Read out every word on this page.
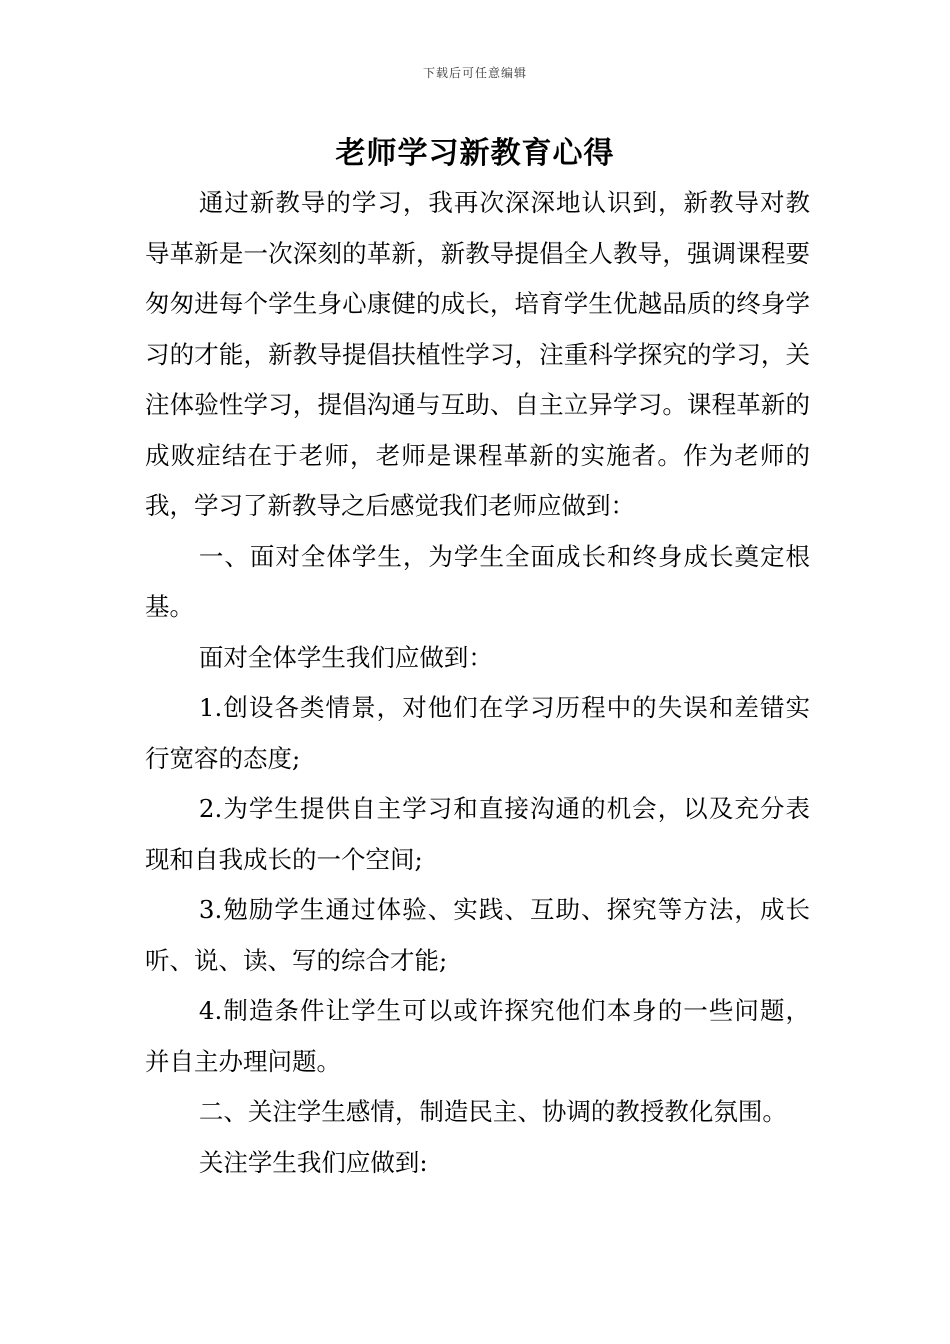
下载后可任意编辑
老师学习新教育心得

通过新教导的学习，我再次深深地认识到，新教导对教导革新是一次深刻的革新，新教导提倡全人教导，强调课程要匆匆进每个学生身心康健的成长，培育学生优越品质的终身学习的才能，新教导提倡扶植性学习，注重科学探究的学习，关注体验性学习，提倡沟通与互助、自主立异学习。课程革新的成败症结在于老师，老师是课程革新的实施者。作为老师的我，学习了新教导之后感觉我们老师应做到：

一、面对全体学生，为学生全面成长和终身成长奠定根基。

面对全体学生我们应做到：

1.创设各类情景，对他们在学习历程中的失误和差错实行宽容的态度;

2.为学生提供自主学习和直接沟通的机会，以及充分表现和自我成长的一个空间;

3.勉励学生通过体验、实践、互助、探究等方法，成长听、说、读、写的综合才能;

4.制造条件让学生可以或许探究他们本身的一些问题，并自主办理问题。

二、关注学生感情，制造民主、协调的教授教化氛围。

关注学生我们应做到:
